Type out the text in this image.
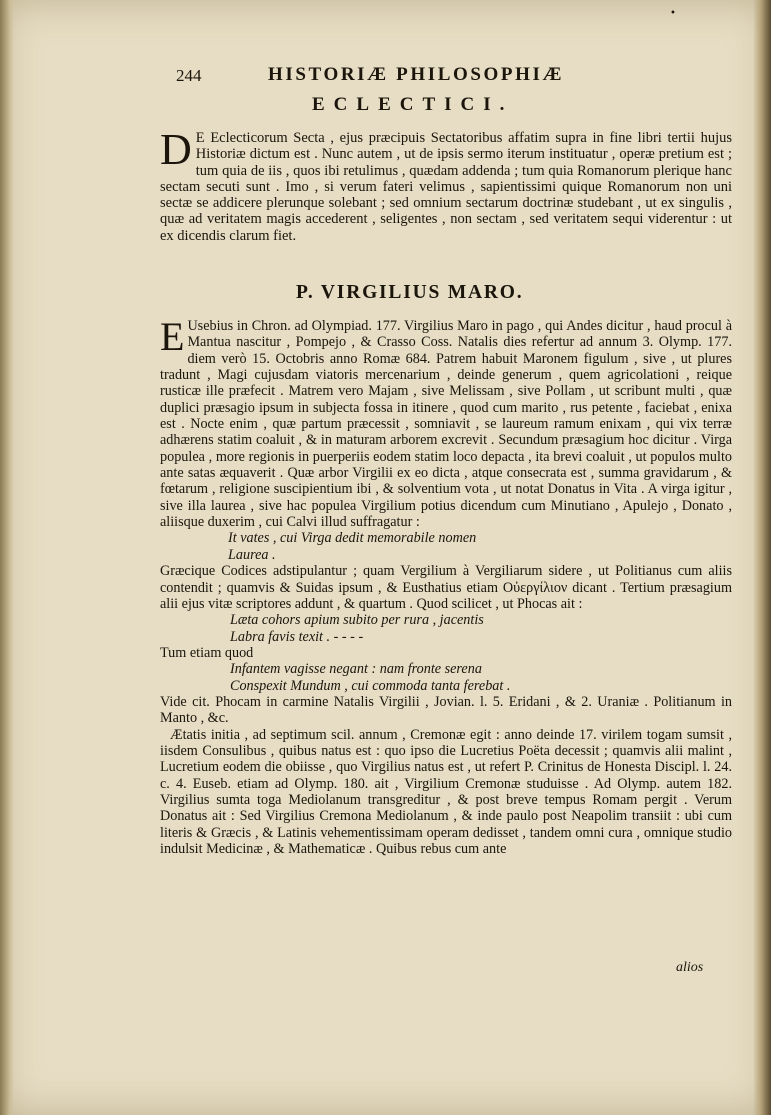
•
244	HISTORIÆ PHILOSOPHIÆ
ECLECTICI.
D E Eclecticorum Secta , ejus præcipuis Sectatoribus affatim supra in fine libri tertii hujus Historiæ dictum est . Nunc autem , ut de ipsis sermo iterum instituatur , operæ pretium est ; tum quia de iis , quos ibi retulimus , quædam addenda ; tum quia Romanorum plerique hanc sectam secuti sunt . Imo , si verum fateri velimus , sapientissimi quique Romanorum non uni sectæ se addicere plerunque solebant ; sed omnium sectarum doctrinæ studebant , ut ex singulis , quæ ad veritatem magis accederent , seligentes , non sectam , sed veritatem sequi viderentur : ut ex dicendis clarum fiet.
P. VIRGILIUS MARO.

E Usebius in Chron. ad Olympiad. 177. Virgilius Maro in pago , qui Andes dicitur , haud procul à Mantua nascitur , Pompejo , & Crasso Coss. Natalis dies refertur ad annum 3. Olymp. 177. diem verò 15. Octobris anno Romæ 684. Patrem habuit Maronem figulum , sive , ut plures tradunt , Magi cujusdam viatoris mercenarium , deinde generum , quem agricolationi , reique rusticæ ille præfecit . Matrem vero Majam , sive Melissam , sive Pollam , ut scribunt multi , quæ duplici præsagio ipsum in subjecta fossa in itinere , quod cum marito , rus petente , faciebat , enixa est . Nocte enim , quæ partum præcessit , somniavit , se laureum ramum enixam , qui vix terræ adhærens statim coaluit , & in maturam arborem excrevit . Secundum præsagium hoc dicitur . Virga populea , more regionis in puerperiis eodem statim loco depacta , ita brevi coaluit , ut populos multo ante satas æquaverit . Quæ arbor Virgilii ex eo dicta , atque consecrata est , summa gravidarum , & fœtarum , religione suscipientium ibi , & solventium vota , ut notat Donatus in Vita . A virga igitur , sive illa laurea , sive hac populea Virgilium potius dicendum cum Minutiano , Apulejo , Donato , aliisque duxerim , cui Calvi illud suffragatur :

It vates , cui Virga dedit memorabile nomen
Laurea .

Græcique Codices adstipulantur ; quam Vergilium à Vergiliarum sidere , ut Politianus cum aliis contendit ; quamvis & Suidas ipsum , & Eusthatius etiam Οὐεργίλιον dicant . Tertium præsagium alii ejus vitæ scriptores addunt , & quartum . Quod scilicet , ut Phocas ait :

Læta cohors apium subito per rura , jacentis
Labra favis texit . - - - -

Tum etiam quod

Infantem vagisse negant : nam fronte serena
Conspexit Mundum , cui commoda tanta ferebat .

Vide cit. Phocam in carmine Natalis Virgilii , Jovian. l. 5. Eridani , & 2. Uraniæ . Politianum in Manto , &c.

Ætatis initia , ad septimum scil. annum , Cremonæ egit : anno deinde 17. virilem togam sumsit , iisdem Consulibus , quibus natus est : quo ipso die Lucretius Poëta decessit ; quamvis alii malint , Lucretium eodem die obiisse , quo Virgilius natus est , ut refert P. Crinitus de Honesta Discipl. l. 24. c. 4. Euseb. etiam ad Olymp. 180. ait , Virgilium Cremonæ studuisse . Ad Olymp. autem 182. Virgilius sumta toga Mediolanum transgreditur , & post breve tempus Romam pergit . Verum Donatus ait : Sed Virgilius Cremona Mediolanum , & inde paulo post Neapolim transiit : ubi cum literis & Græcis , & Latinis vehementissimam operam dedisset , tandem omni cura , omnique studio indulsit Medicinæ , & Mathematicæ . Quibus rebus cum ante

alios
